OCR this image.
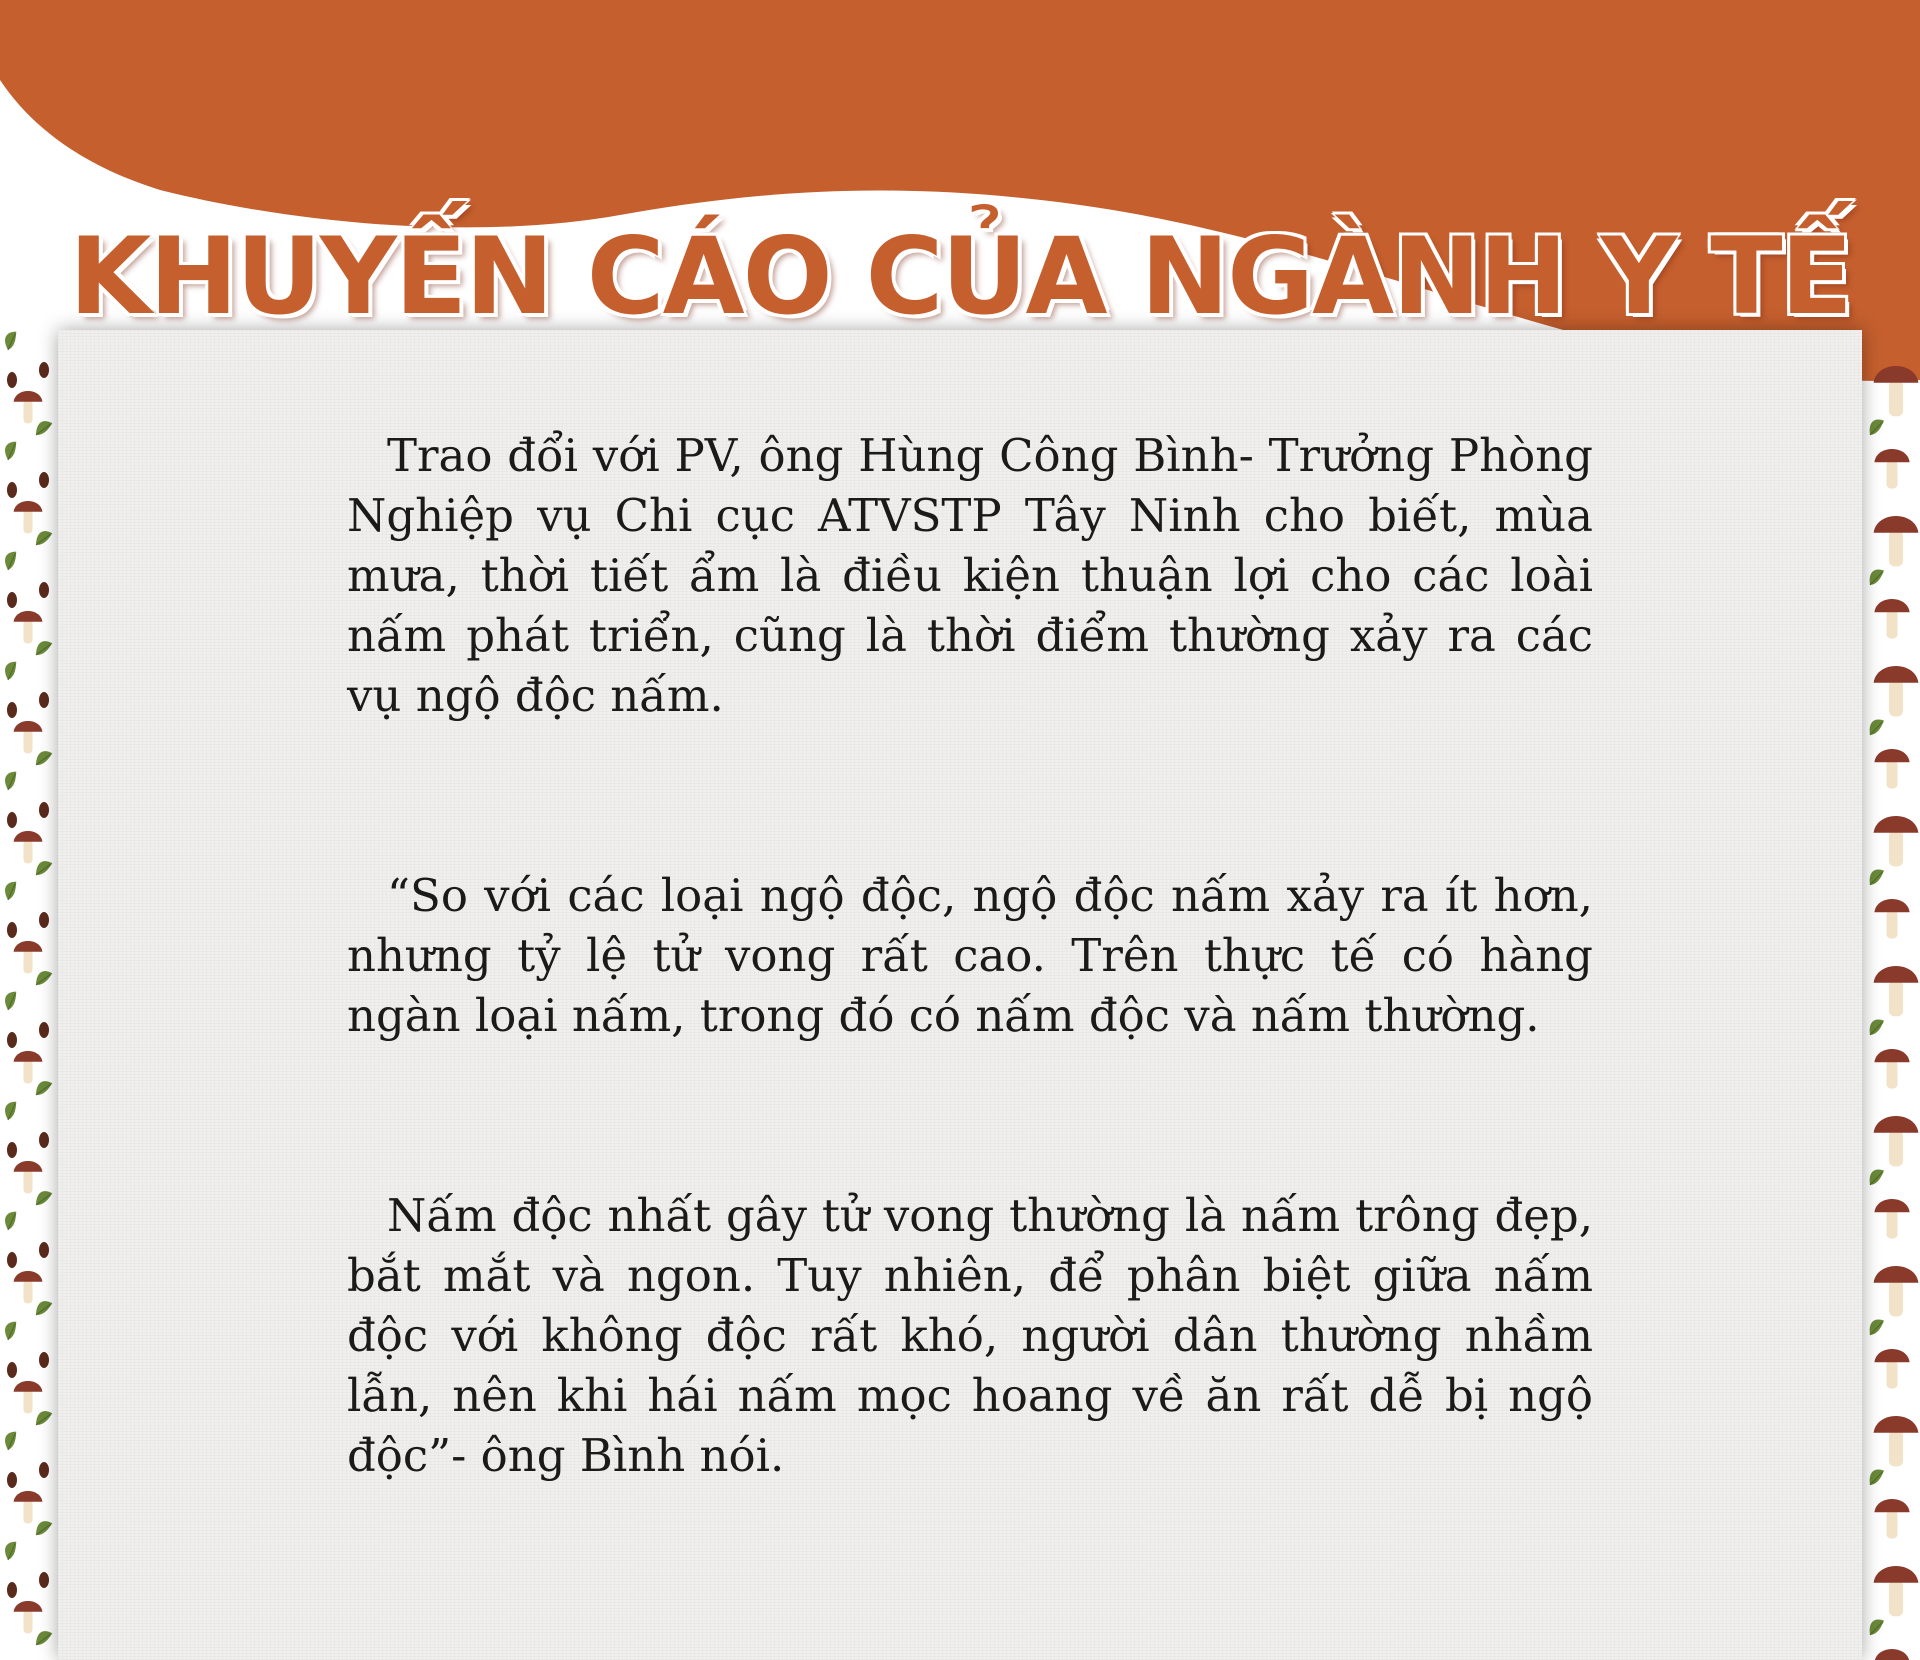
KHUYẾN CÁO CỦA NGÀNH Y TẾ

Trao đổi với PV, ông Hùng Công Bình- Trưởng Phòng Nghiệp vụ Chi cục ATVSTP Tây Ninh cho biết, mùa mưa, thời tiết ẩm là điều kiện thuận lợi cho các loài nấm phát triển, cũng là thời điểm thường xảy ra các vụ ngộ độc nấm.

“So với các loại ngộ độc, ngộ độc nấm xảy ra ít hơn, nhưng tỷ lệ tử vong rất cao. Trên thực tế có hàng ngàn loại nấm, trong đó có nấm độc và nấm thường.

Nấm độc nhất gây tử vong thường là nấm trông đẹp, bắt mắt và ngon. Tuy nhiên, để phân biệt giữa nấm độc với không độc rất khó, người dân thường nhầm lẫn, nên khi hái nấm mọc hoang về ăn rất dễ bị ngộ độc”- ông Bình nói.
